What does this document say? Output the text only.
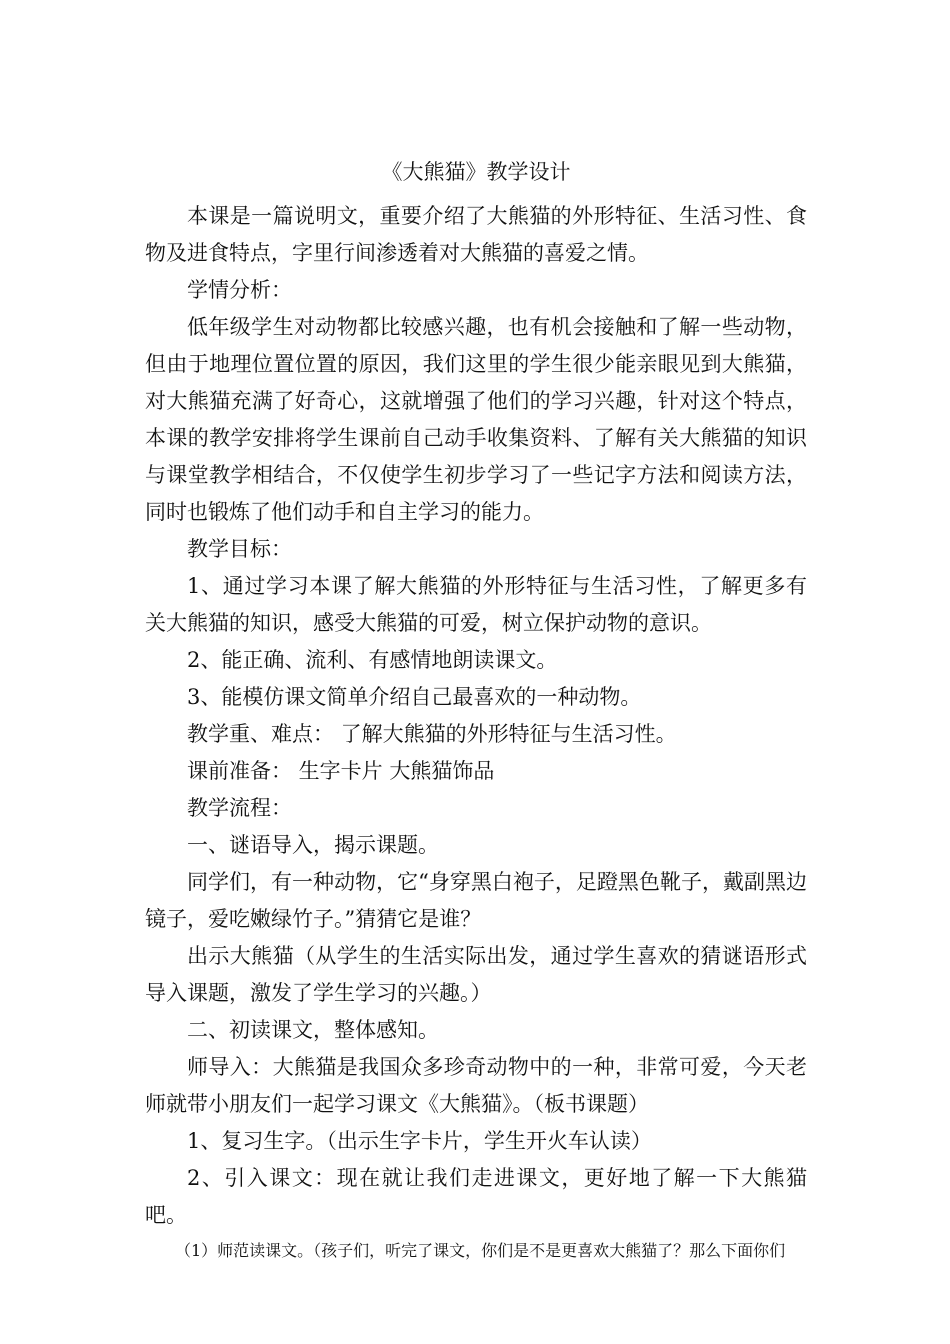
《大熊猫》教学设计

本课是一篇说明文，重要介绍了大熊猫的外形特征、生活习性、食物及进食特点，字里行间渗透着对大熊猫的喜爱之情。

学情分析：

低年级学生对动物都比较感兴趣，也有机会接触和了解一些动物，但由于地理位置位置的原因，我们这里的学生很少能亲眼见到大熊猫，对大熊猫充满了好奇心，这就增强了他们的学习兴趣，针对这个特点，本课的教学安排将学生课前自己动手收集资料、了解有关大熊猫的知识与课堂教学相结合，不仅使学生初步学习了一些记字方法和阅读方法，同时也锻炼了他们动手和自主学习的能力。

教学目标：

1、通过学习本课了解大熊猫的外形特征与生活习性，了解更多有关大熊猫的知识，感受大熊猫的可爱，树立保护动物的意识。

2、能正确、流利、有感情地朗读课文。

3、能模仿课文简单介绍自己最喜欢的一种动物。

教学重、难点： 了解大熊猫的外形特征与生活习性。

课前准备： 生字卡片 大熊猫饰品

教学流程：

一、谜语导入，揭示课题。

同学们，有一种动物，它“身穿黑白袍子，足蹬黑色靴子，戴副黑边镜子，爱吃嫩绿竹子。”猜猜它是谁？

出示大熊猫（从学生的生活实际出发，通过学生喜欢的猜谜语形式导入课题，激发了学生学习的兴趣。）

二、初读课文，整体感知。

师导入：大熊猫是我国众多珍奇动物中的一种，非常可爱，今天老师就带小朋友们一起学习课文《大熊猫》。（板书课题）

1、复习生字。（出示生字卡片，学生开火车认读）

2、引入课文：现在就让我们走进课文，更好地了解一下大熊猫吧。

（1）师范读课文。（孩子们，听完了课文，你们是不是更喜欢大熊猫了？那么下面你们
